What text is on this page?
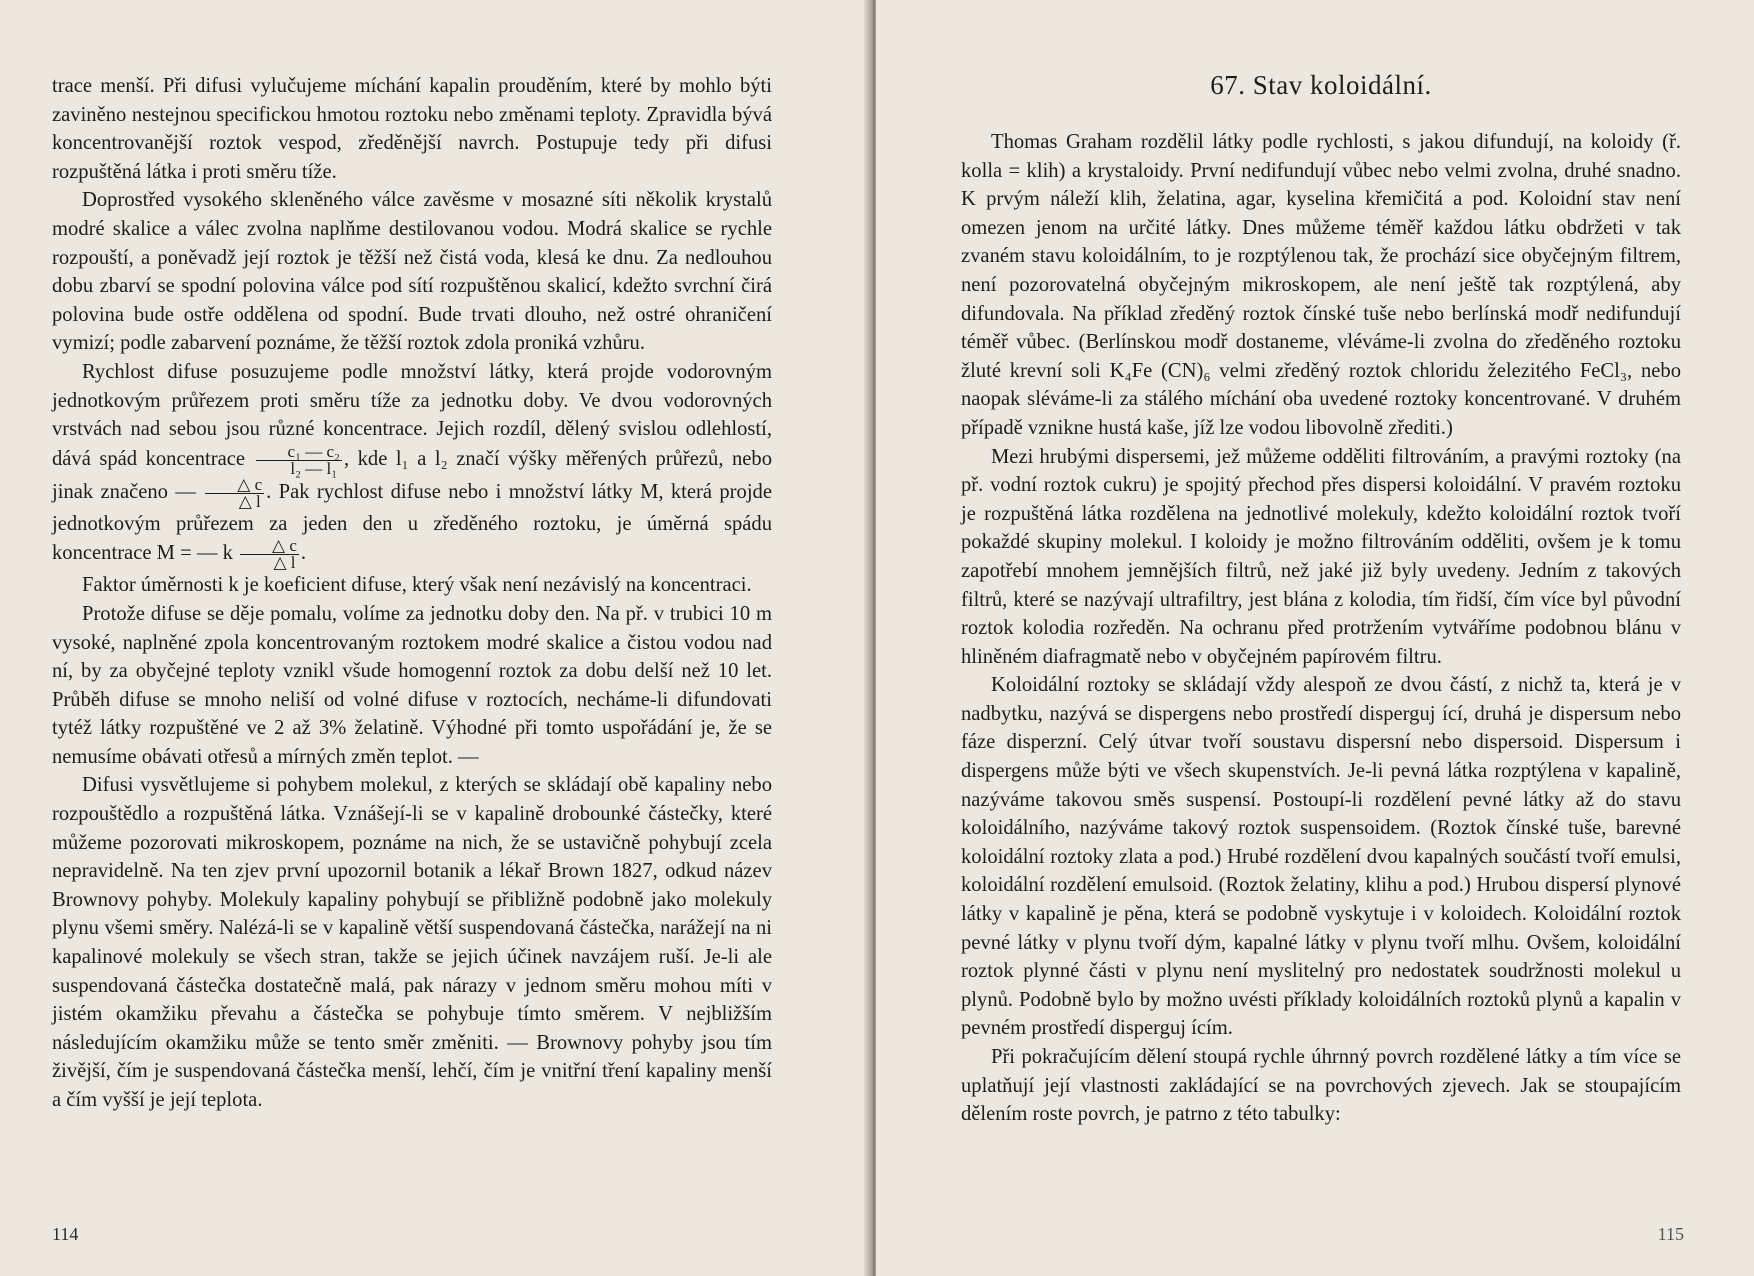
trace menší. Při difusi vylučujeme míchání kapalin prouděním, které by mohlo býti zaviněno nestejnou specifickou hmotou roztoku nebo změnami teploty. Zpravidla bývá koncentrovanější roztok vespod, zředěnější navrch. Postupuje tedy při difusi rozpuštěná látka i proti směru tíže.

Doprostřed vysokého skleněného válce zavěsme v mosazné síti několik krystalů modré skalice a válec zvolna naplňme destilovanou vodou. Modrá skalice se rychle rozpouští, a poněvadž její roztok je těžší než čistá voda, klesá ke dnu. Za nedlouhou dobu zbarví se spodní polovina válce pod sítí rozpuštěnou skalicí, kdežto svrchní čirá polovina bude ostře oddělena od spodní. Bude trvati dlouho, než ostré ohraničení vymizí; podle zabarvení poznáme, že těžší roztok zdola proniká vzhůru.

Rychlost difuse posuzujeme podle množství látky, která projde vodorovným jednotkovým průřezem proti směru tíže za jednotku doby. Ve dvou vodorovných vrstvách nad sebou jsou různé koncentrace. Jejich rozdíl, dělený svislou odlehlostí, dává spád koncentrace $\frac{\text{c₁ — c₂}}{\text{l₂ — l₁}}$ , kde l₁ a l₂ značí výšky měřených průřezů, nebo jinak značeno — $\frac{\triangle c}{\triangle l}$ . Pak rychlost difuse nebo i množství látky M, která projde jednotkovým průřezem za jeden den u zředěného roztoku, je úměrná spádu koncentrace M = — k $\frac{\triangle c}{\triangle l}$ .

Faktor úměrnosti k je koeficient difuse, který však není nezávislý na koncentraci.

Protože difuse se děje pomalu, volíme za jednotku doby den. Na př. v trubici 10 m vysoké, naplněné zpola koncentrovaným roztokem modré skalice a čistou vodou nad ní, by za obyčejné teploty vznikl všude homogenní roztok za dobu delší než 10 let. Průběh difuse se mnoho neliší od volné difuse v roztocích, necháme-li difundovati tytéž látky rozpuštěné ve 2 až 3% želatině. Výhodné při tomto uspořádání je, že se nemusíme obávati otřesů a mírných změn teplot. —

Difusi vysvětlujeme si pohybem molekul, z kterých se skládají obě kapaliny nebo rozpouštědlo a rozpuštěná látka. Vznášejí-li se v kapalině drobounké částečky, které můžeme pozorovati mikroskopem, poznáme na nich, že se ustavičně pohybují zcela nepravidelně. Na ten zjev první upozornil botanik a lékař Brown 1827, odkud název Brownovy pohyby. Molekuly kapaliny pohybují se přibližně podobně jako molekuly plynu všemi směry. Nalézá-li se v kapalině větší suspendovaná částečka, narážejí na ni kapalinové molekuly se všech stran, takže se jejich účinek navzájem ruší. Je-li ale suspendovaná částečka dostatečně malá, pak nárazy v jednom směru mohou míti v jistém okamžiku převahu a částečka se pohybuje tímto směrem. V nejbližším následujícím okamžiku může se tento směr změniti. — Brownovy pohyby jsou tím živější, čím je suspendovaná částečka menší, lehčí, čím je vnitřní tření kapaliny menší a čím vyšší je její teplota.

114
67. Stav koloidální.

Thomas Graham rozdělil látky podle rychlosti, s jakou difundují, na koloidy (ř. kolla = klih) a krystaloidy. První nedifundují vůbec nebo velmi zvolna, druhé snadno. K prvým náleží klih, želatina, agar, kyselina křemičitá a pod. Koloidní stav není omezen jenom na určité látky. Dnes můžeme téměř každou látku obdržeti v tak zvaném stavu koloidálním, to je rozptýlenou tak, že prochází sice obyčejným filtrem, není pozorovatelná obyčejným mikroskopem, ale není ještě tak rozptýlená, aby difundovala. Na příklad zředěný roztok čínské tuše nebo berlínská modř nedifundují téměř vůbec. (Berlínskou modř dostaneme, vléváme-li zvolna do zředěného roztoku žluté krevní soli K₄Fe (CN)₆ velmi zředěný roztok chloridu železitého FeCl₃, nebo naopak sléváme-li za stálého míchání oba uvedené roztoky koncentrované. V druhém případě vznikne hustá kaše, jíž lze vodou libovolně zřediti.)

Mezi hrubými dispersemi, jež můžeme odděliti filtrováním, a pravými roztoky (na př. vodní roztok cukru) je spojitý přechod přes dispersi koloidální. V pravém roztoku je rozpuštěná látka rozdělena na jednotlivé molekuly, kdežto koloidální roztok tvoří pokaždé skupiny molekul. I koloidy je možno filtrováním odděliti, ovšem je k tomu zapotřebí mnohem jemnějších filtrů, než jaké již byly uvedeny. Jedním z takových filtrů, které se nazývají ultrafiltry, jest blána z kolodia, tím řidší, čím více byl původní roztok kolodia rozředěn. Na ochranu před protržením vytváříme podobnou blánu v hliněném diafragmatě nebo v obyčejném papírovém filtru.

Koloidální roztoky se skládají vždy alespoň ze dvou částí, z nichž ta, která je v nadbytku, nazývá se dispergens nebo prostředí disperguj ící, druhá je dispersum nebo fáze disperzní. Celý útvar tvoří soustavu dispersní nebo dispersoid. Dispersum i dispergens může býti ve všech skupenstvích. Je-li pevná látka rozptýlena v kapalině, nazýváme takovou směs suspensí. Postoupí-li rozdělení pevné látky až do stavu koloidálního, nazýváme takový roztok suspensoidem. (Roztok čínské tuše, barevné koloidální roztoky zlata a pod.) Hrubé rozdělení dvou kapalných součástí tvoří emulsi, koloidální rozdělení emulsoid. (Roztok želatiny, klihu a pod.) Hrubou dispersí plynové látky v kapalině je pěna, která se podobně vyskytuje i v koloidech. Koloidální roztok pevné látky v plynu tvoří dým, kapalné látky v plynu tvoří mlhu. Ovšem, koloidální roztok plynné části v plynu není myslitelný pro nedostatek soudržnosti molekul u plynů. Podobně bylo by možno uvésti příklady koloidálních roztoků plynů a kapalin v pevném prostředí disperguj ícím.

Při pokračujícím dělení stoupá rychle úhrnný povrch rozdělené látky a tím více se uplatňují její vlastnosti zakládající se na povrchových zjevech. Jak se stoupajícím dělením roste povrch, je patrno z této tabulky:

115
